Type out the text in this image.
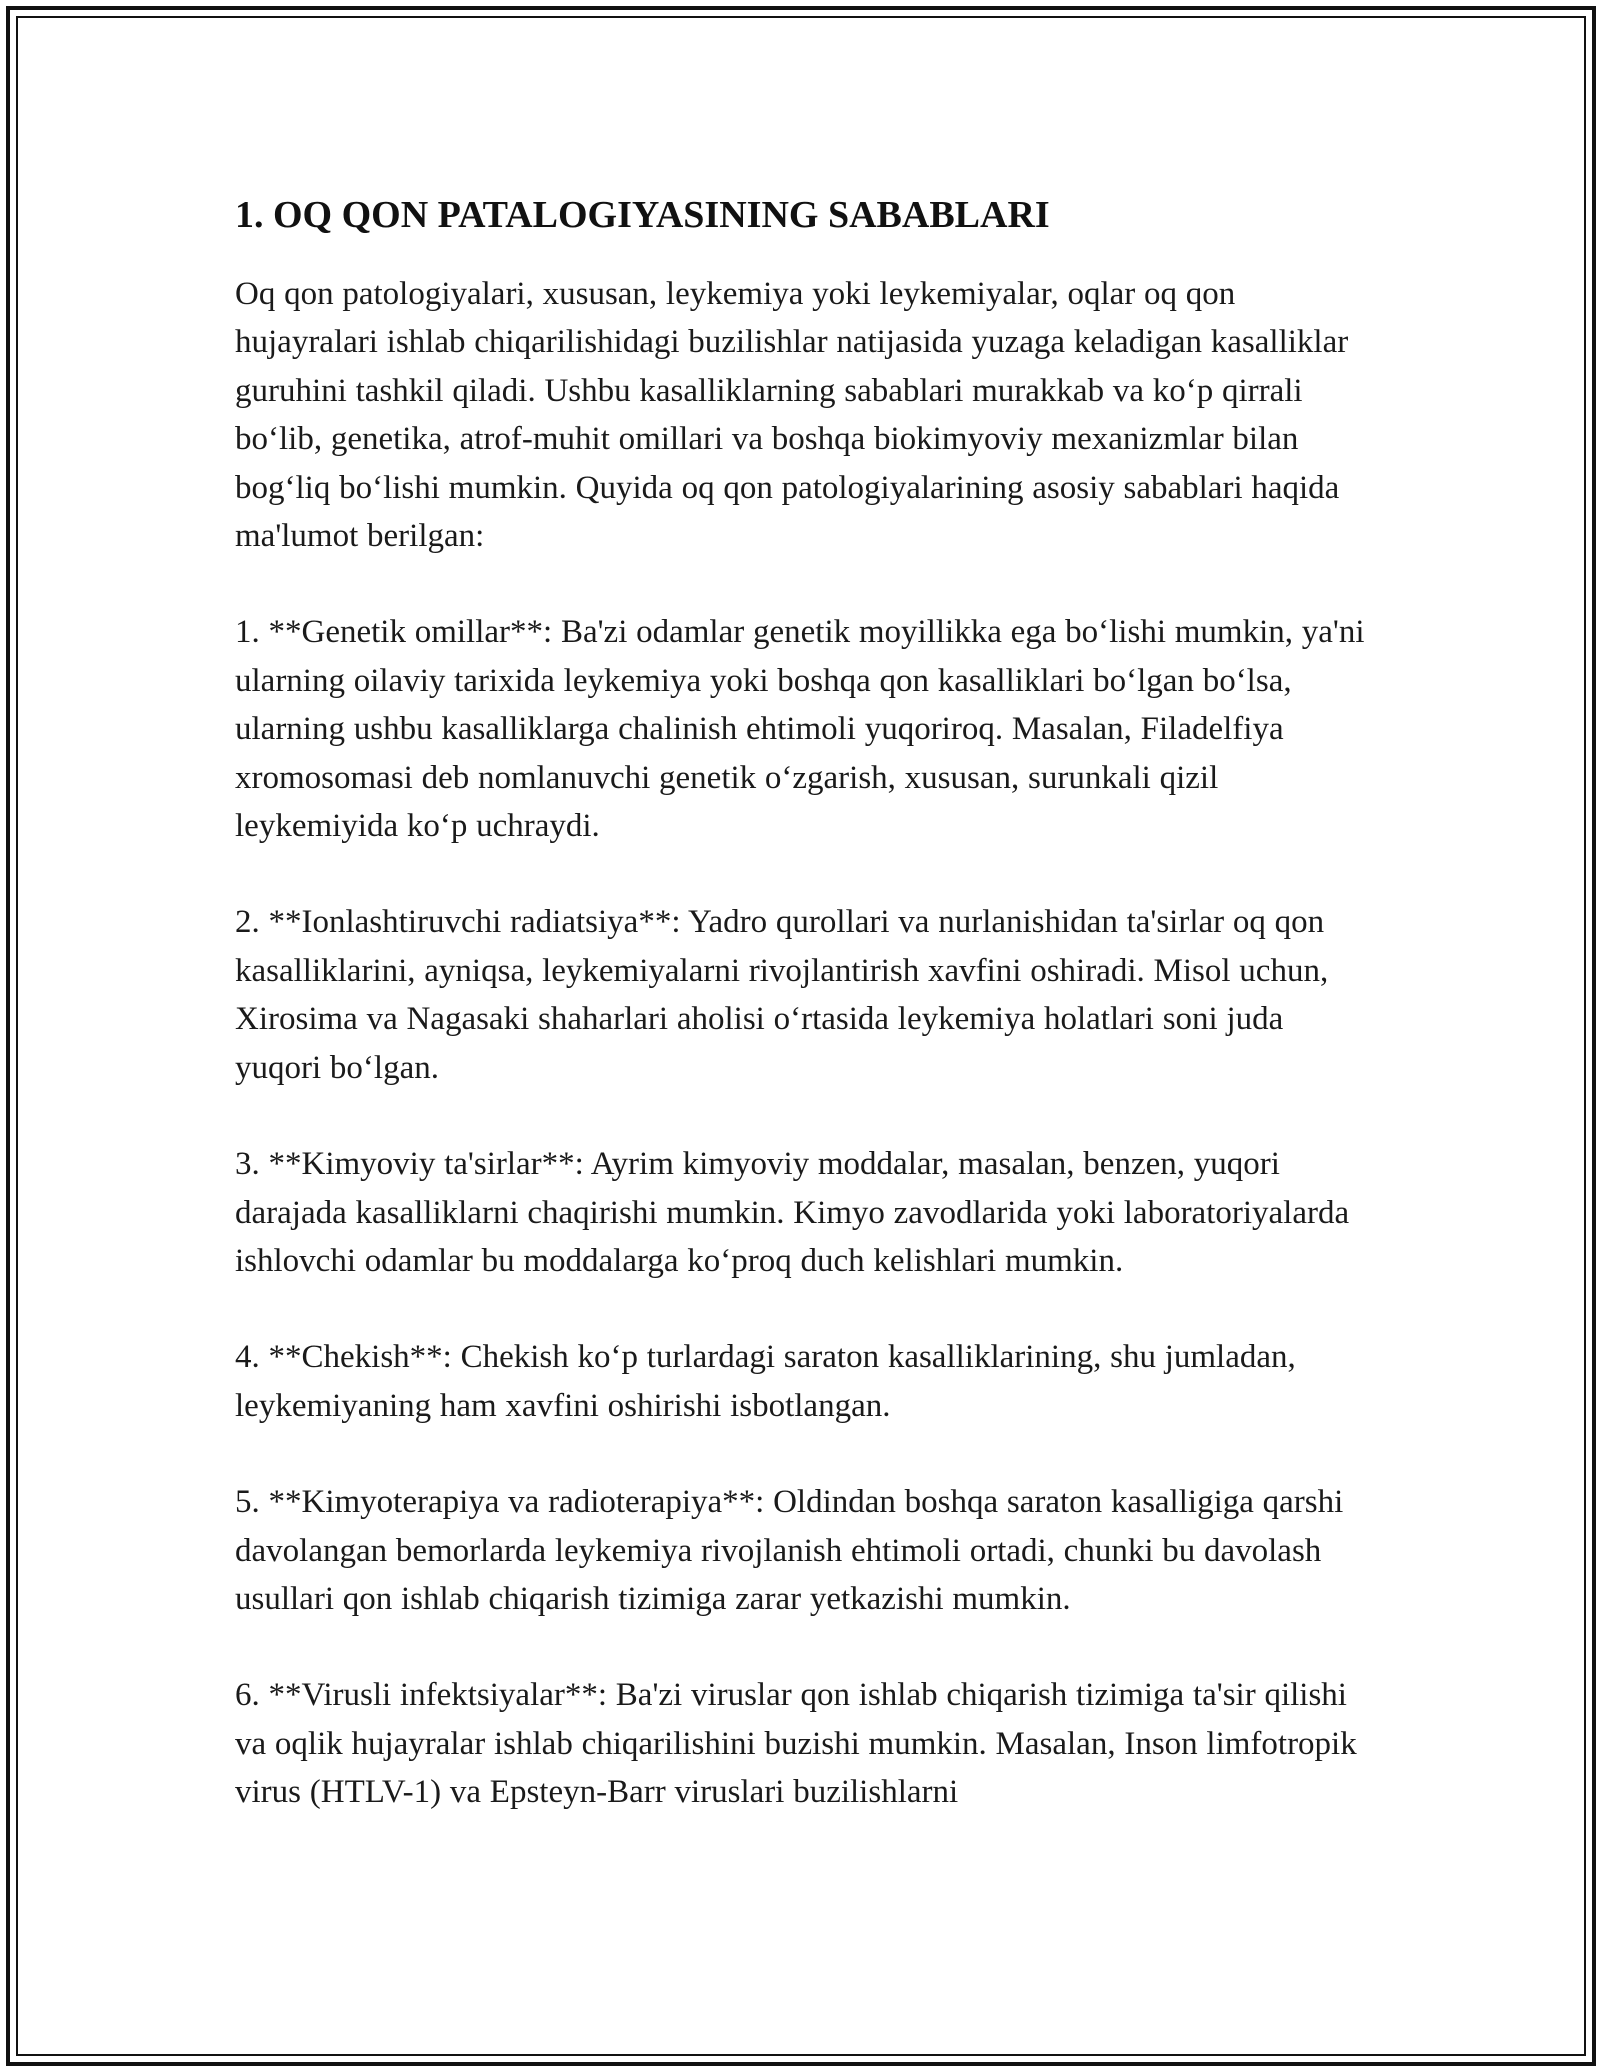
1. OQ QON PATALOGIYASINING SABABLARI

Oq qon patologiyalari, xususan, leykemiya yoki leykemiyalar, oqlar oq qon hujayralari ishlab chiqarilishidagi buzilishlar natijasida yuzaga keladigan kasalliklar guruhini tashkil qiladi. Ushbu kasalliklarning sabablari murakkab va ko‘p qirrali bo‘lib, genetika, atrof-muhit omillari va boshqa biokimyoviy mexanizmlar bilan bog‘liq bo‘lishi mumkin. Quyida oq qon patologiyalarining asosiy sabablari haqida ma'lumot berilgan:

1. **Genetik omillar**: Ba'zi odamlar genetik moyillikka ega bo‘lishi mumkin, ya'ni ularning oilaviy tarixida leykemiya yoki boshqa qon kasalliklari bo‘lgan bo‘lsa, ularning ushbu kasalliklarga chalinish ehtimoli yuqoriroq. Masalan, Filadelfiya xromosomasi deb nomlanuvchi genetik o‘zgarish, xususan, surunkali qizil leykemiyida ko‘p uchraydi.

2. **Ionlashtiruvchi radiatsiya**: Yadro qurollari va nurlanishidan ta'sirlar oq qon kasalliklarini, ayniqsa, leykemiyalarni rivojlantirish xavfini oshiradi. Misol uchun, Xirosima va Nagasaki shaharlari aholisi o‘rtasida leykemiya holatlari soni juda yuqori bo‘lgan.

3. **Kimyoviy ta'sirlar**: Ayrim kimyoviy moddalar, masalan, benzen, yuqori darajada kasalliklarni chaqirishi mumkin. Kimyo zavodlarida yoki laboratoriyalarda ishlovchi odamlar bu moddalarga ko‘proq duch kelishlari mumkin.

4. **Chekish**: Chekish ko‘p turlardagi saraton kasalliklarining, shu jumladan, leykemiyaning ham xavfini oshirishi isbotlangan.

5. **Kimyoterapiya va radioterapiya**: Oldindan boshqa saraton kasalligiga qarshi davolangan bemorlarda leykemiya rivojlanish ehtimoli ortadi, chunki bu davolash usullari qon ishlab chiqarish tizimiga zarar yetkazishi mumkin.

6. **Virusli infektsiyalar**: Ba'zi viruslar qon ishlab chiqarish tizimiga ta'sir qilishi va oqlik hujayralar ishlab chiqarilishini buzishi mumkin. Masalan, Inson limfotropik virus (HTLV-1) va Epsteyn-Barr viruslari buzilishlarni
